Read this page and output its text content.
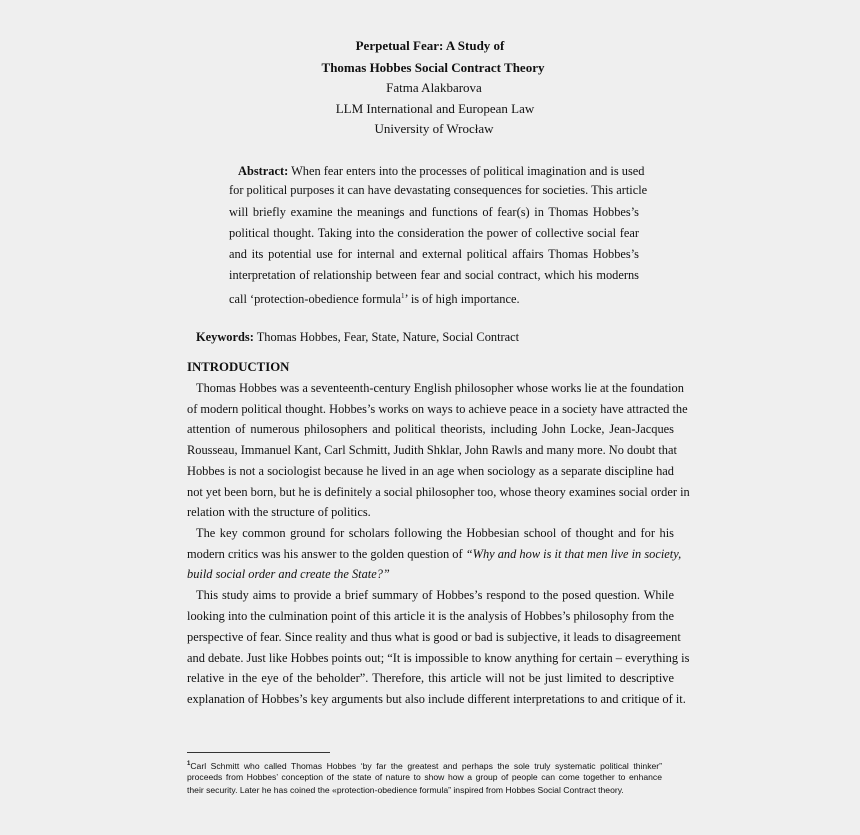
Perpetual Fear: A Study of
Thomas Hobbes Social Contract Theory
Fatma Alakbarova
LLM International and European Law
University of Wrocław
Abstract: When fear enters into the processes of political imagination and is used
for political purposes it can have devastating consequences for societies. This article
will briefly examine the meanings and functions of fear(s) in Thomas Hobbes’s
political thought. Taking into the consideration the power of collective social fear
and its potential use for internal and external political affairs Thomas Hobbes’s
interpretation of relationship between fear and social contract, which his moderns
call ‘protection-obedience formula$^1$’ is of high importance.
Keywords: Thomas Hobbes, Fear, State, Nature, Social Contract
INTRODUCTION
Thomas Hobbes was a seventeenth-century English philosopher whose works lie at the foundation
of modern political thought. Hobbes’s works on ways to achieve peace in a society have attracted the
attention of numerous philosophers and political theorists, including John Locke, Jean-Jacques
Rousseau, Immanuel Kant, Carl Schmitt, Judith Shklar, John Rawls and many more. No doubt that
Hobbes is not a sociologist because he lived in an age when sociology as a separate discipline had
not yet been born, but he is definitely a social philosopher too, whose theory examines social order in
relation with the structure of politics.
The key common ground for scholars following the Hobbesian school of thought and for his
modern critics was his answer to the golden question of “Why and how is it that men live in society,
build social order and create the State?”
This study aims to provide a brief summary of Hobbes’s respond to the posed question. While
looking into the culmination point of this article it is the analysis of Hobbes’s philosophy from the
perspective of fear. Since reality and thus what is good or bad is subjective, it leads to disagreement
and debate. Just like Hobbes points out; “It is impossible to know anything for certain – everything is
relative in the eye of the beholder”. Therefore, this article will not be just limited to descriptive
explanation of Hobbes’s key arguments but also include different interpretations to and critique of it.
$^1$Carl Schmitt who called Thomas Hobbes ‘by far the greatest and perhaps the sole truly systematic political thinker”
proceeds from Hobbes’ conception of the state of nature to show how a group of people can come together to enhance
their security. Later he has coined the «protection-obedience formula” inspired from Hobbes Social Contract theory.
